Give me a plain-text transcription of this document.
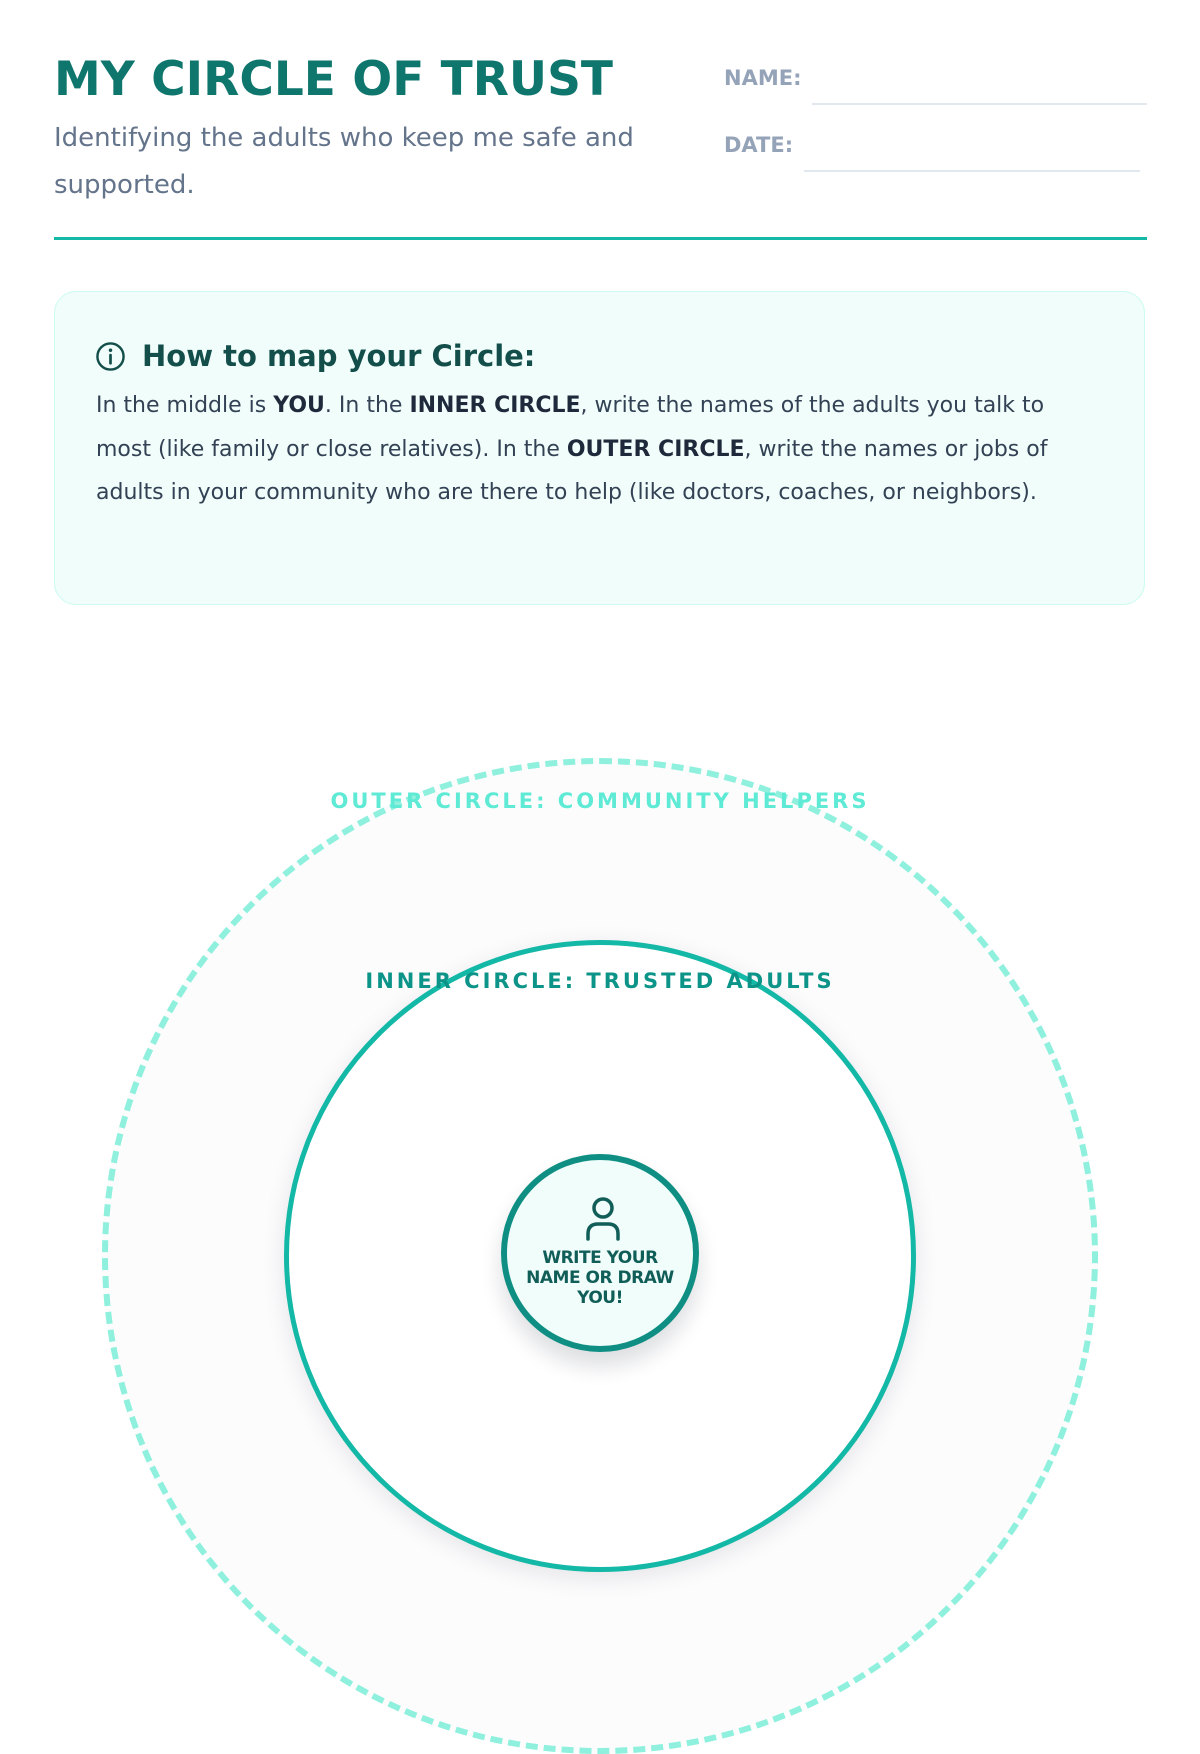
MY CIRCLE OF TRUST

Identifying the adults who keep me safe and supported.

NAME:
DATE:
How to map your Circle:

In the middle is YOU. In the INNER CIRCLE, write the names of the adults you talk to most (like family or close relatives). In the OUTER CIRCLE, write the names or jobs of adults in your community who are there to help (like doctors, coaches, or neighbors).

OUTER CIRCLE: COMMUNITY HELPERS
INNER CIRCLE: TRUSTED ADULTS

WRITE YOUR NAME OR DRAW YOU!
